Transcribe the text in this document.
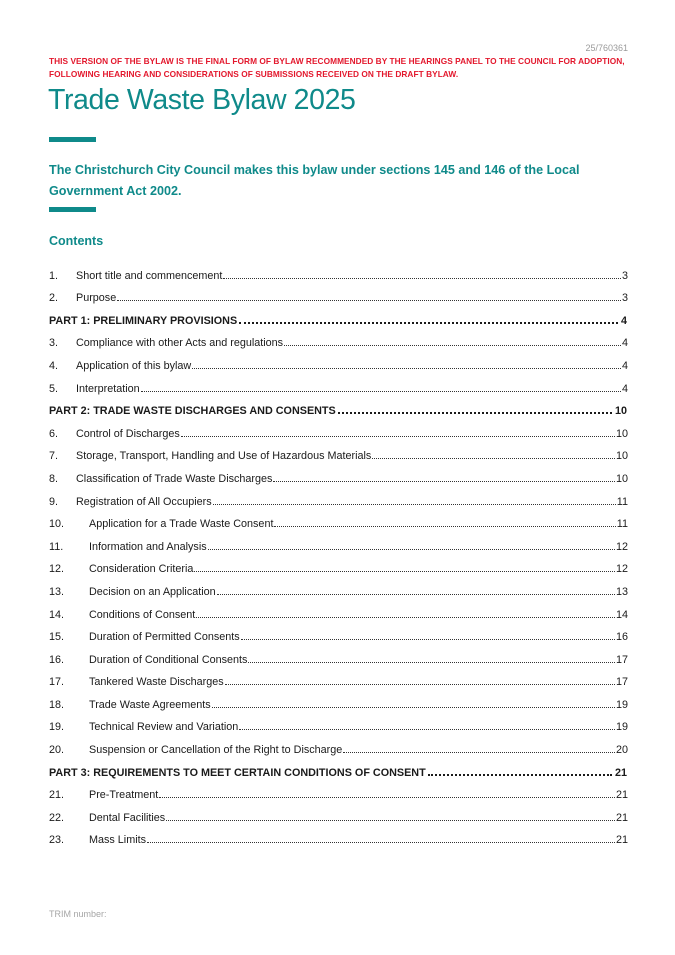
25/760361
THIS VERSION OF THE BYLAW IS THE FINAL FORM OF BYLAW RECOMMENDED BY THE HEARINGS PANEL TO THE COUNCIL FOR ADOPTION, FOLLOWING HEARING AND CONSIDERATIONS OF SUBMISSIONS RECEIVED ON THE DRAFT BYLAW.
Trade Waste Bylaw 2025
The Christchurch City Council makes this bylaw under sections 145 and 146 of the Local Government Act 2002.
Contents
1.	Short title and commencement	3
2.	Purpose	3
PART 1: PRELIMINARY PROVISIONS	4
3.	Compliance with other Acts and regulations	4
4.	Application of this bylaw	4
5.	Interpretation	4
PART 2: TRADE WASTE DISCHARGES AND CONSENTS	10
6.	Control of Discharges	10
7.	Storage, Transport, Handling and Use of Hazardous Materials	10
8.	Classification of Trade Waste Discharges	10
9.	Registration of All Occupiers	11
10.	Application for a Trade Waste Consent	11
11.	Information and Analysis	12
12.	Consideration Criteria	12
13.	Decision on an Application	13
14.	Conditions of Consent	14
15.	Duration of Permitted Consents	16
16.	Duration of Conditional Consents	17
17.	Tankered Waste Discharges	17
18.	Trade Waste Agreements	19
19.	Technical Review and Variation	19
20.	Suspension or Cancellation of the Right to Discharge	20
PART 3: REQUIREMENTS TO MEET CERTAIN CONDITIONS OF CONSENT	21
21.	Pre-Treatment	21
22.	Dental Facilities	21
23.	Mass Limits	21
TRIM number:
